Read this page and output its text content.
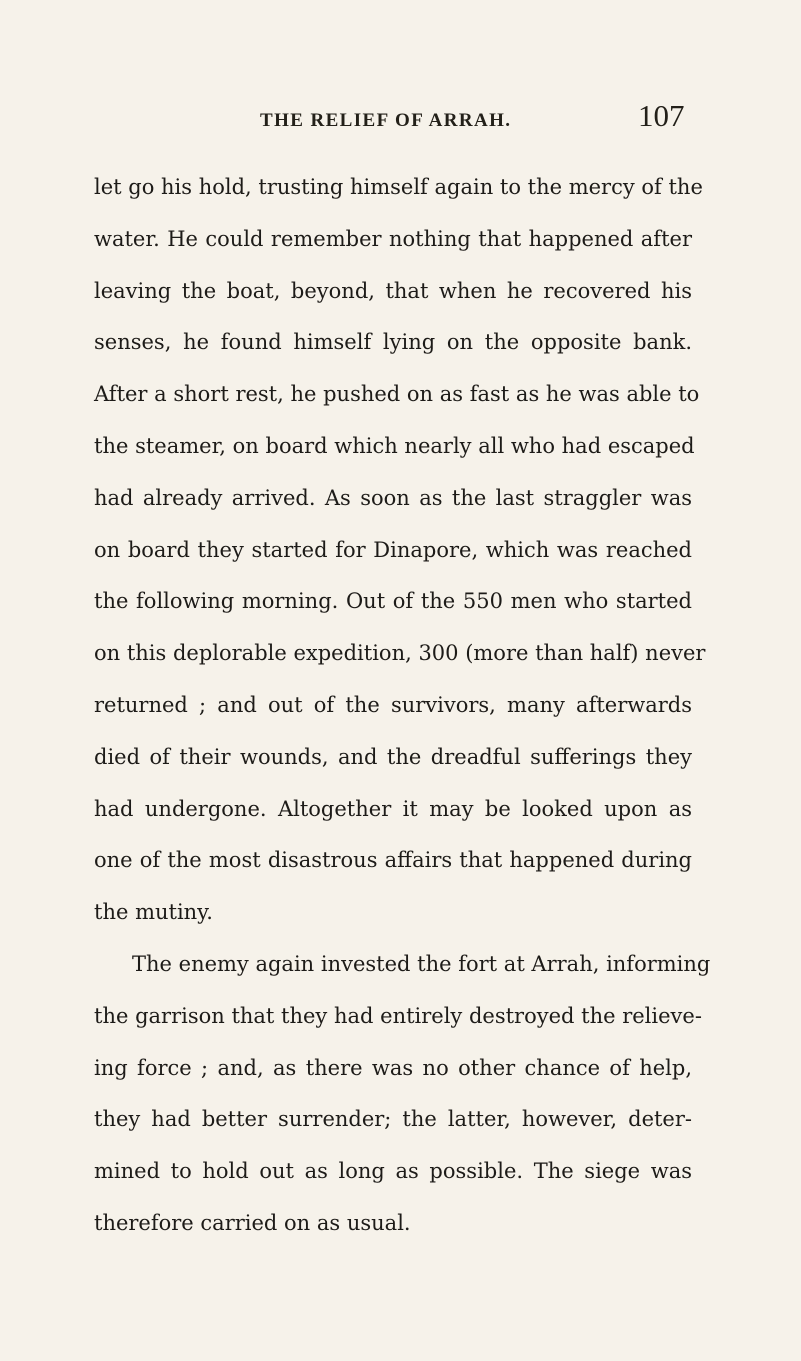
THE RELIEF OF ARRAH.	107
let go his hold, trusting himself again to the mercy of the
water. He could remember nothing that happened after
leaving the boat, beyond, that when he recovered his
senses, he found himself lying on the opposite bank.
After a short rest, he pushed on as fast as he was able to
the steamer, on board which nearly all who had escaped
had already arrived. As soon as the last straggler was
on board they started for Dinapore, which was reached
the following morning. Out of the 550 men who started
on this deplorable expedition, 300 (more than half) never
returned ; and out of the survivors, many afterwards
died of their wounds, and the dreadful sufferings they
had undergone. Altogether it may be looked upon as
one of the most disastrous affairs that happened during
the mutiny.
The enemy again invested the fort at Arrah, informing
the garrison that they had entirely destroyed the relieve-
ing force ; and, as there was no other chance of help,
they had better surrender; the latter, however, deter-
mined to hold out as long as possible. The siege was
therefore carried on as usual.
